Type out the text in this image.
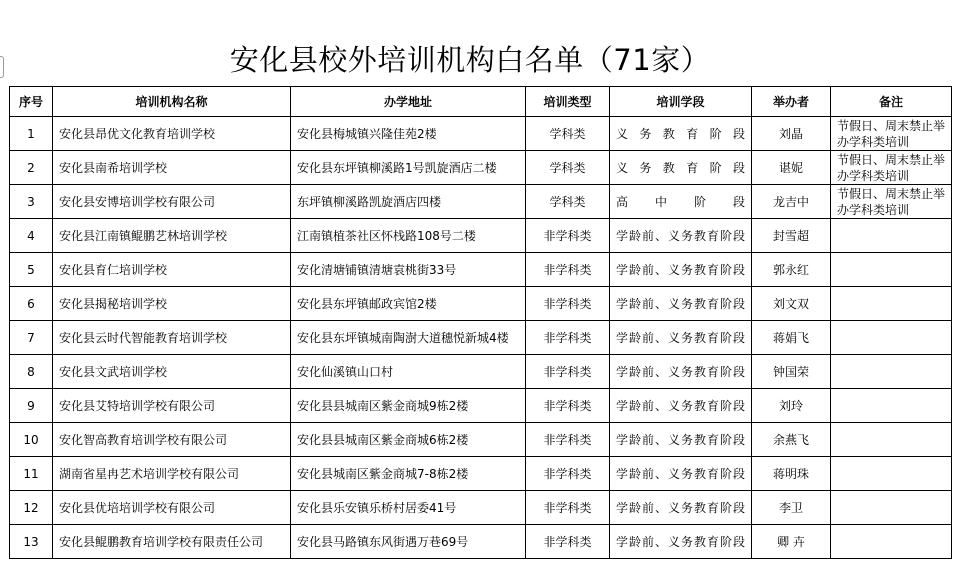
安化县校外培训机构白名单（71家）
序号	培训机构名称	办学地址	培训类型	培训学段	举办者	备注
1	安化县昂优文化教育培训学校	安化县梅城镇兴隆佳苑2楼	学科类	义务教育阶段	刘晶	节假日、周末禁止举办学科类培训
2	安化县南希培训学校	安化县东坪镇柳溪路1号凯旋酒店二楼	学科类	义务教育阶段	谌妮	节假日、周末禁止举办学科类培训
3	安化县安博培训学校有限公司	东坪镇柳溪路凯旋酒店四楼	学科类	高中阶段	龙吉中	节假日、周末禁止举办学科类培训
4	安化县江南镇鲲鹏艺林培训学校	江南镇植茶社区怀栈路108号二楼	非学科类	学龄前、义务教育阶段	封雪超	
5	安化县育仁培训学校	安化清塘铺镇清塘袁桃街33号	非学科类	学龄前、义务教育阶段	郭永红	
6	安化县揭秘培训学校	安化县东坪镇邮政宾馆2楼	非学科类	学龄前、义务教育阶段	刘文双	
7	安化县云时代智能教育培训学校	安化县东坪镇城南陶澍大道穗悦新城4楼	非学科类	学龄前、义务教育阶段	蒋娟飞	
8	安化县文武培训学校	安化仙溪镇山口村	非学科类	学龄前、义务教育阶段	钟国荣	
9	安化县艾特培训学校有限公司	安化县县城南区紫金商城9栋2楼	非学科类	学龄前、义务教育阶段	刘玲	
10	安化智高教育培训学校有限公司	安化县县城南区紫金商城6栋2楼	非学科类	学龄前、义务教育阶段	余燕飞	
11	湖南省星冉艺术培训学校有限公司	安化县城南区紫金商城7-8栋2楼	非学科类	学龄前、义务教育阶段	蒋明珠	
12	安化县优培培训学校有限公司	安化县乐安镇乐桥村居委41号	非学科类	学龄前、义务教育阶段	李卫	
13	安化县鲲鹏教育培训学校有限责任公司	安化县马路镇东风街遇万巷69号	非学科类	学龄前、义务教育阶段	卿 卉	
